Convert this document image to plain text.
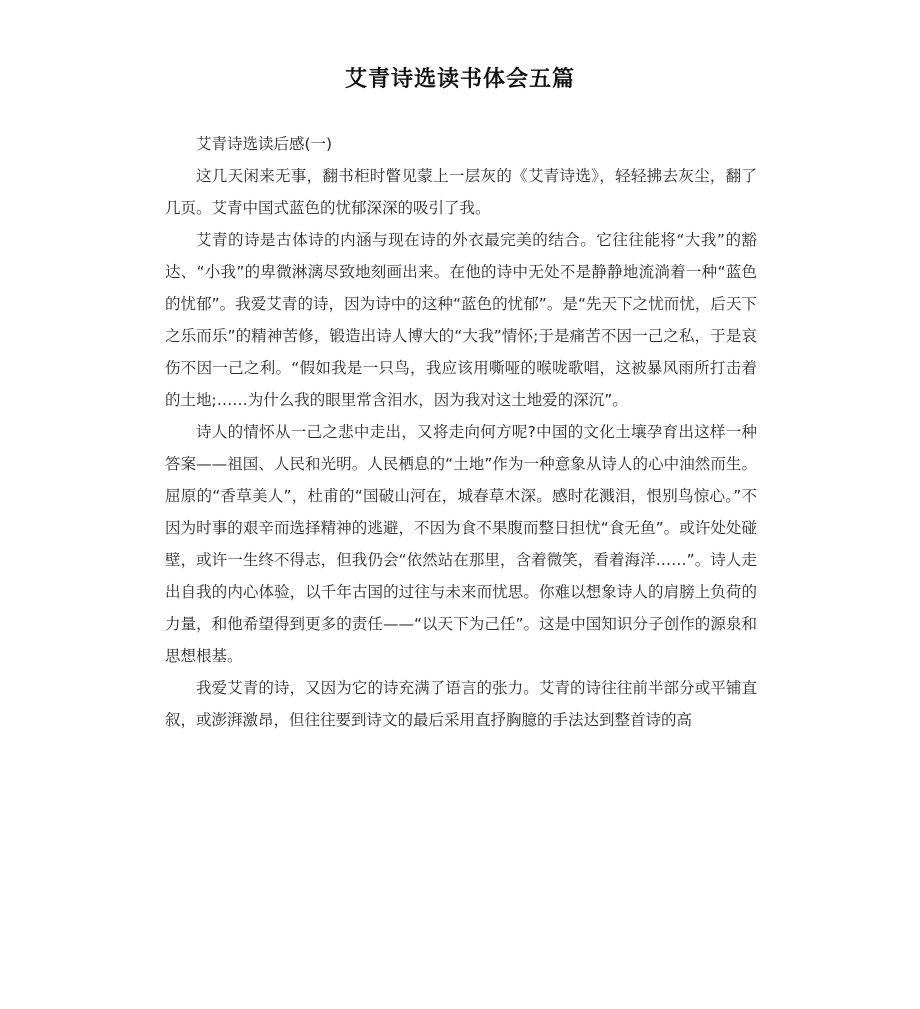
艾青诗选读书体会五篇

艾青诗选读后感(一)

这几天闲来无事，翻书柜时瞥见蒙上一层灰的《艾青诗选》，轻轻拂去灰尘，翻了几页。艾青中国式蓝色的忧郁深深的吸引了我。

艾青的诗是古体诗的内涵与现在诗的外衣最完美的结合。它往往能将“大我”的豁达、“小我”的卑微淋漓尽致地刻画出来。在他的诗中无处不是静静地流淌着一种“蓝色的忧郁”。我爱艾青的诗，因为诗中的这种“蓝色的忧郁”。是“先天下之忧而忧，后天下之乐而乐”的精神苦修，锻造出诗人博大的“大我”情怀;于是痛苦不因一己之私，于是哀伤不因一己之利。“假如我是一只鸟，我应该用嘶哑的喉咙歌唱，这被暴风雨所打击着的土地;……为什么我的眼里常含泪水，因为我对这土地爱的深沉”。

诗人的情怀从一己之悲中走出，又将走向何方呢?中国的文化土壤孕育出这样一种答案——祖国、人民和光明。人民栖息的“土地”作为一种意象从诗人的心中油然而生。屈原的“香草美人”，杜甫的“国破山河在，城春草木深。感时花溅泪，恨别鸟惊心。”不因为时事的艰辛而选择精神的逃避，不因为食不果腹而整日担忧“食无鱼”。或许处处碰壁，或许一生终不得志，但我仍会“依然站在那里，含着微笑，看着海洋……”。诗人走出自我的内心体验，以千年古国的过往与未来而忧思。你难以想象诗人的肩膀上负荷的力量，和他希望得到更多的责任——“以天下为己任”。这是中国知识分子创作的源泉和思想根基。

我爱艾青的诗，又因为它的诗充满了语言的张力。艾青的诗往往前半部分或平铺直叙，或澎湃激昂，但往往要到诗文的最后采用直抒胸臆的手法达到整首诗的高
